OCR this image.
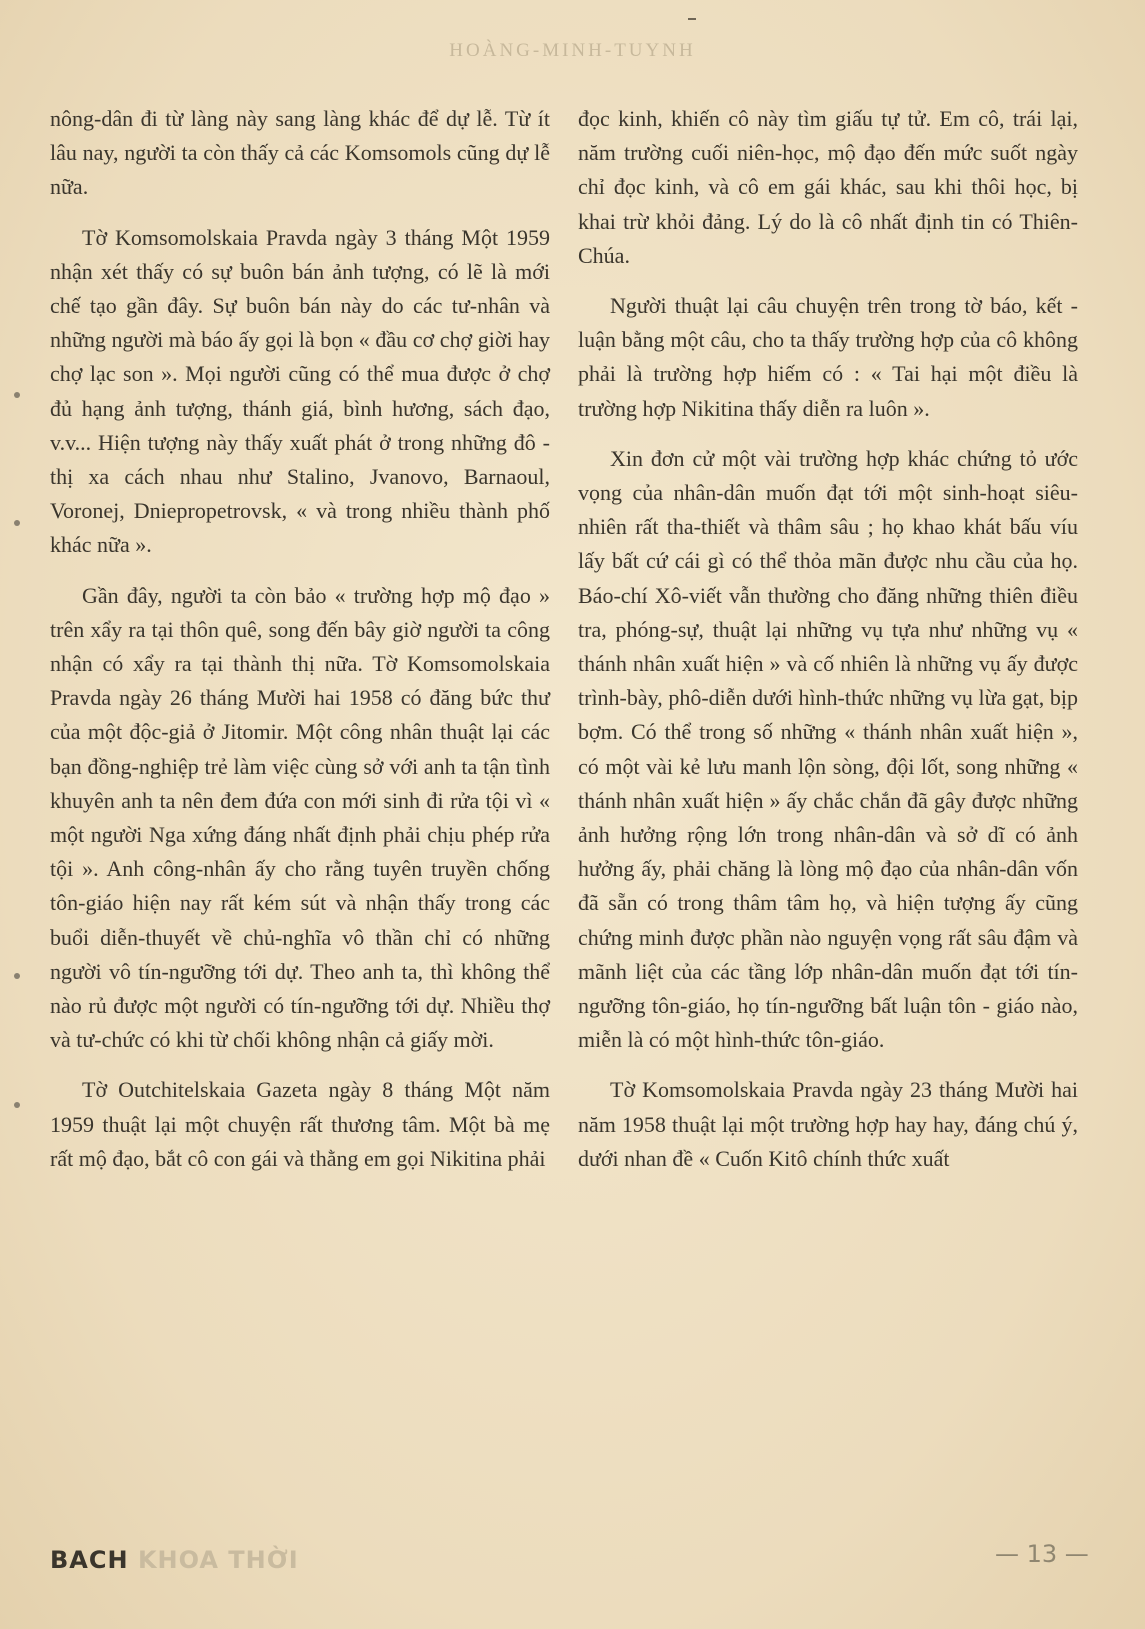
HOÀNG-MINH-TUYNH

nông-dân đi từ làng này sang làng khác để dự lễ. Từ ít lâu nay, người ta còn thấy cả các Komsomols cũng dự lễ nữa.

Tờ Komsomolskaia Pravda ngày 3 tháng Một 1959 nhận xét thấy có sự buôn bán ảnh tượng, có lẽ là mới chế tạo gần đây. Sự buôn bán này do các tư-nhân và những người mà báo ấy gọi là bọn « đầu cơ chợ giời hay chợ lạc son ». Mọi người cũng có thể mua được ở chợ đủ hạng ảnh tượng, thánh giá, bình hương, sách đạo, v.v... Hiện tượng này thấy xuất phát ở trong những đô - thị xa cách nhau như Stalino, Jvanovo, Barnaoul, Voronej, Dniepropetrovsk, « và trong nhiều thành phố khác nữa ».

Gần đây, người ta còn bảo « trường hợp mộ đạo » trên xẩy ra tại thôn quê, song đến bây giờ người ta công nhận có xẩy ra tại thành thị nữa. Tờ Komsomolskaia Pravda ngày 26 tháng Mười hai 1958 có đăng bức thư của một độc-giả ở Jitomir. Một công nhân thuật lại các bạn đồng-nghiệp trẻ làm việc cùng sở với anh ta tận tình khuyên anh ta nên đem đứa con mới sinh đi rửa tội vì « một người Nga xứng đáng nhất định phải chịu phép rửa tội ». Anh công-nhân ấy cho rằng tuyên truyền chống tôn-giáo hiện nay rất kém sút và nhận thấy trong các buổi diễn-thuyết về chủ-nghĩa vô thần chỉ có những người vô tín-ngưỡng tới dự. Theo anh ta, thì không thể nào rủ được một người có tín-ngưỡng tới dự. Nhiều thợ và tư-chức có khi từ chối không nhận cả giấy mời.

Tờ Outchitelskaia Gazeta ngày 8 tháng Một năm 1959 thuật lại một chuyện rất thương tâm. Một bà mẹ rất mộ đạo, bắt cô con gái và thằng em gọi Nikitina phải

đọc kinh, khiến cô này tìm giấu tự tử. Em cô, trái lại, năm trường cuối niên-học, mộ đạo đến mức suốt ngày chỉ đọc kinh, và cô em gái khác, sau khi thôi học, bị khai trừ khỏi đảng. Lý do là cô nhất định tin có Thiên-Chúa.

Người thuật lại câu chuyện trên trong tờ báo, kết - luận bằng một câu, cho ta thấy trường hợp của cô không phải là trường hợp hiếm có : « Tai hại một điều là trường hợp Nikitina thấy diễn ra luôn ».

Xin đơn cử một vài trường hợp khác chứng tỏ ước vọng của nhân-dân muốn đạt tới một sinh-hoạt siêu-nhiên rất tha-thiết và thâm sâu ; họ khao khát bấu víu lấy bất cứ cái gì có thể thỏa mãn được nhu cầu của họ. Báo-chí Xô-viết vẫn thường cho đăng những thiên điều tra, phóng-sự, thuật lại những vụ tựa như những vụ « thánh nhân xuất hiện » và cố nhiên là những vụ ấy được trình-bày, phô-diễn dưới hình-thức những vụ lừa gạt, bịp bợm. Có thể trong số những « thánh nhân xuất hiện », có một vài kẻ lưu manh lộn sòng, đội lốt, song những « thánh nhân xuất hiện » ấy chắc chắn đã gây được những ảnh hưởng rộng lớn trong nhân-dân và sở dĩ có ảnh hưởng ấy, phải chăng là lòng mộ đạo của nhân-dân vốn đã sẵn có trong thâm tâm họ, và hiện tượng ấy cũng chứng minh được phần nào nguyện vọng rất sâu đậm và mãnh liệt của các tầng lớp nhân-dân muốn đạt tới tín-ngưỡng tôn-giáo, họ tín-ngưỡng bất luận tôn - giáo nào, miễn là có một hình-thức tôn-giáo.

Tờ Komsomolskaia Pravda ngày 23 tháng Mười hai năm 1958 thuật lại một trường hợp hay hay, đáng chú ý, dưới nhan đề « Cuốn Kitô chính thức xuất

BACH KHOA THỜI	— 13 —
